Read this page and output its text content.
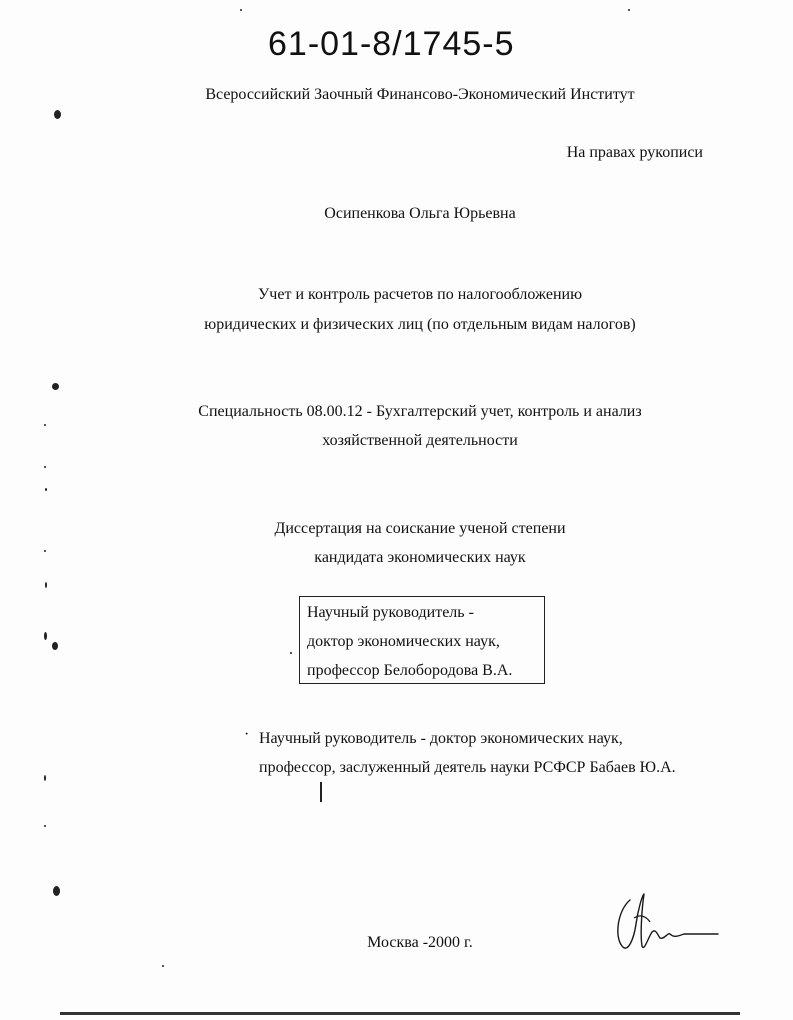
61-01-8/1745-5
Всероссийский Заочный Финансово-Экономический Институт
На правах рукописи
Осипенкова Ольга Юрьевна
Учет и контроль расчетов по налогообложению
юридических и физических лиц (по отдельным видам налогов)
Специальность 08.00.12 - Бухгалтерский учет, контроль и анализ
хозяйственной деятельности
Диссертация на соискание ученой степени
кандидата экономических наук
Научный руководитель -
доктор экономических наук,
профессор Белобородова В.А.
· Научный руководитель - доктор экономических наук,
профессор, заслуженный деятель науки РСФСР Бабаев Ю.А.
Москва -2000 г.
